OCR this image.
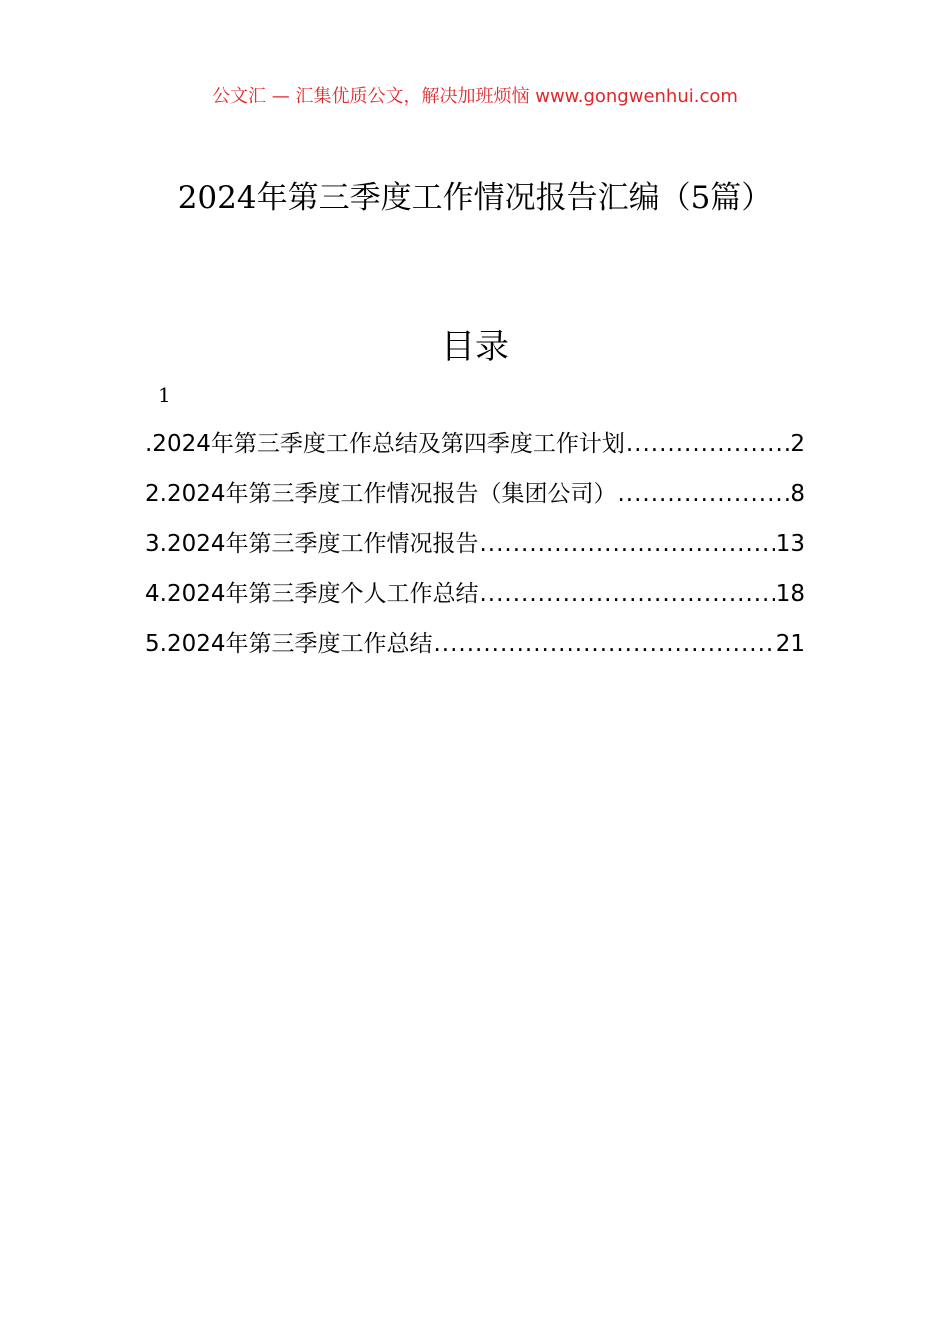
公文汇 — 汇集优质公文，解决加班烦恼 www.gongwenhui.com
2024年第三季度工作情况报告汇编（5篇）
目录
1
.2024年第三季度工作总结及第四季度工作计划 .....	2
2.2024年第三季度工作情况报告（集团公司） .....	8
3.2024年第三季度工作情况报告 .....	13
4.2024年第三季度个人工作总结 .....	18
5.2024年第三季度工作总结 .....	21
